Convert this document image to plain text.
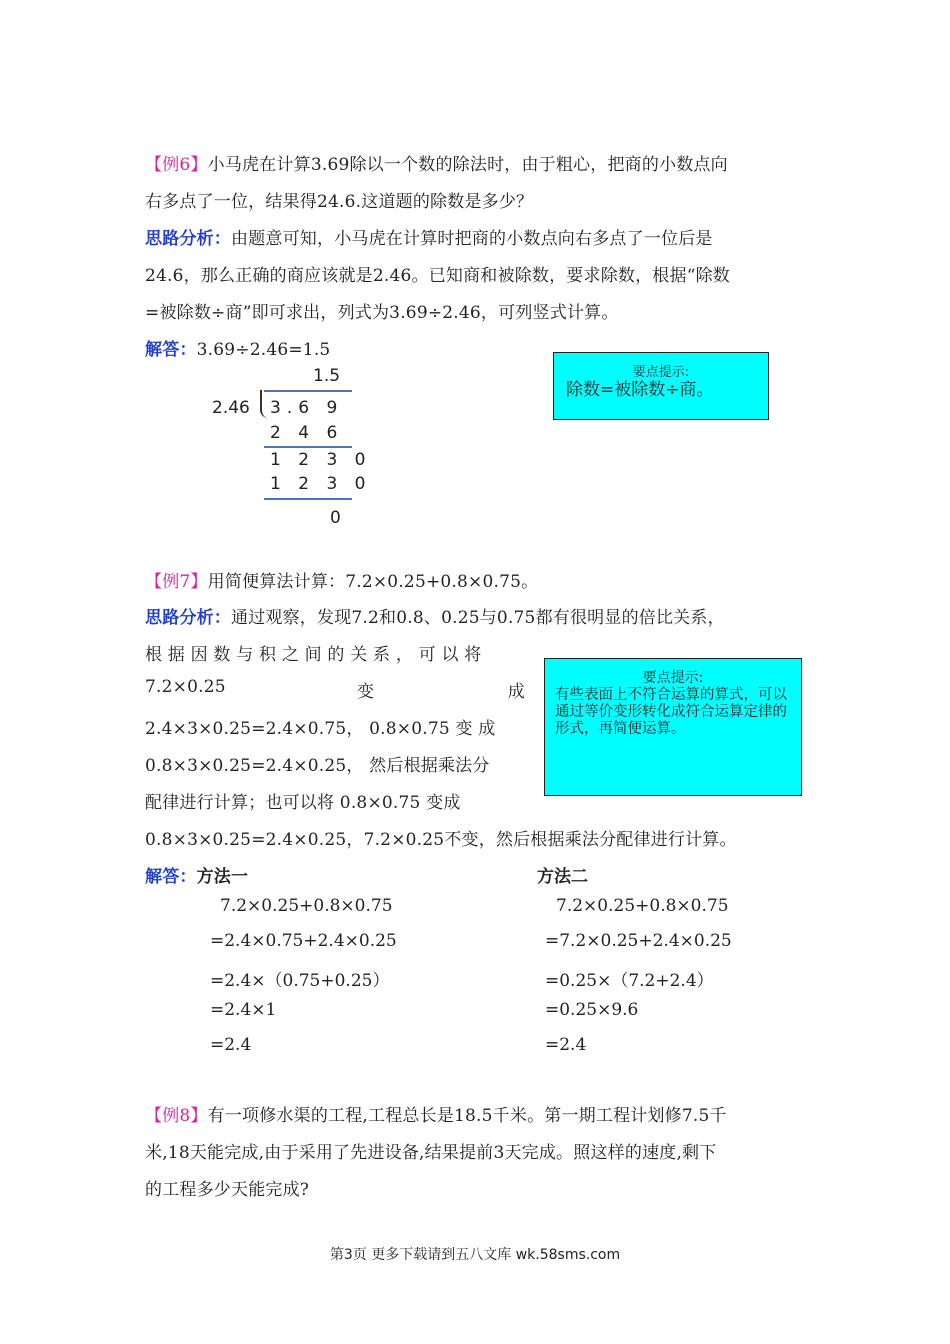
【例6】小马虎在计算3.69除以一个数的除法时，由于粗心，把商的小数点向
右多点了一位，结果得24.6.这道题的除数是多少？
思路分析：由题意可知，小马虎在计算时把商的小数点向右多点了一位后是
24.6，那么正确的商应该就是2.46。已知商和被除数，要求除数，根据“除数
=被除数÷商”即可求出，列式为3.69÷2.46，可列竖式计算。
解答：3.69÷2.46=1.5
1.5
2.46 3.6 9
2 4 6
1 2 3 0
1 2 3 0
0
要点提示:
除数=被除数÷商。
【例7】用简便算法计算：7.2×0.25+0.8×0.75。
思路分析：通过观察，发现7.2和0.8、0.25与0.75都有很明显的倍比关系，
根 据 因 数 与 积 之 间 的 关 系 ， 可 以 将
7.2×0.25	变	成
2.4×3×0.25=2.4×0.75， 0.8×0.75 变 成
0.8×3×0.25=2.4×0.25， 然后根据乘法分
配律进行计算；也可以将 0.8×0.75 变成
0.8×3×0.25=2.4×0.25，7.2×0.25不变，然后根据乘法分配律进行计算。
要点提示:
有些表面上不符合运算的算式，可以通过等价变形转化成符合运算定律的形式，再简便运算。
解答：方法一	方法二
7.2×0.25+0.8×0.75
=2.4×0.75+2.4×0.25
=2.4×（0.75+0.25）
=2.4×1
=2.4
7.2×0.25+0.8×0.75
=7.2×0.25+2.4×0.25
=0.25×（7.2+2.4）
=0.25×9.6
=2.4
【例8】有一项修水渠的工程,工程总长是18.5千米。第一期工程计划修7.5千
米,18天能完成,由于采用了先进设备,结果提前3天完成。照这样的速度,剩下
的工程多少天能完成?
第3页 更多下载请到五八文库 wk.58sms.com
